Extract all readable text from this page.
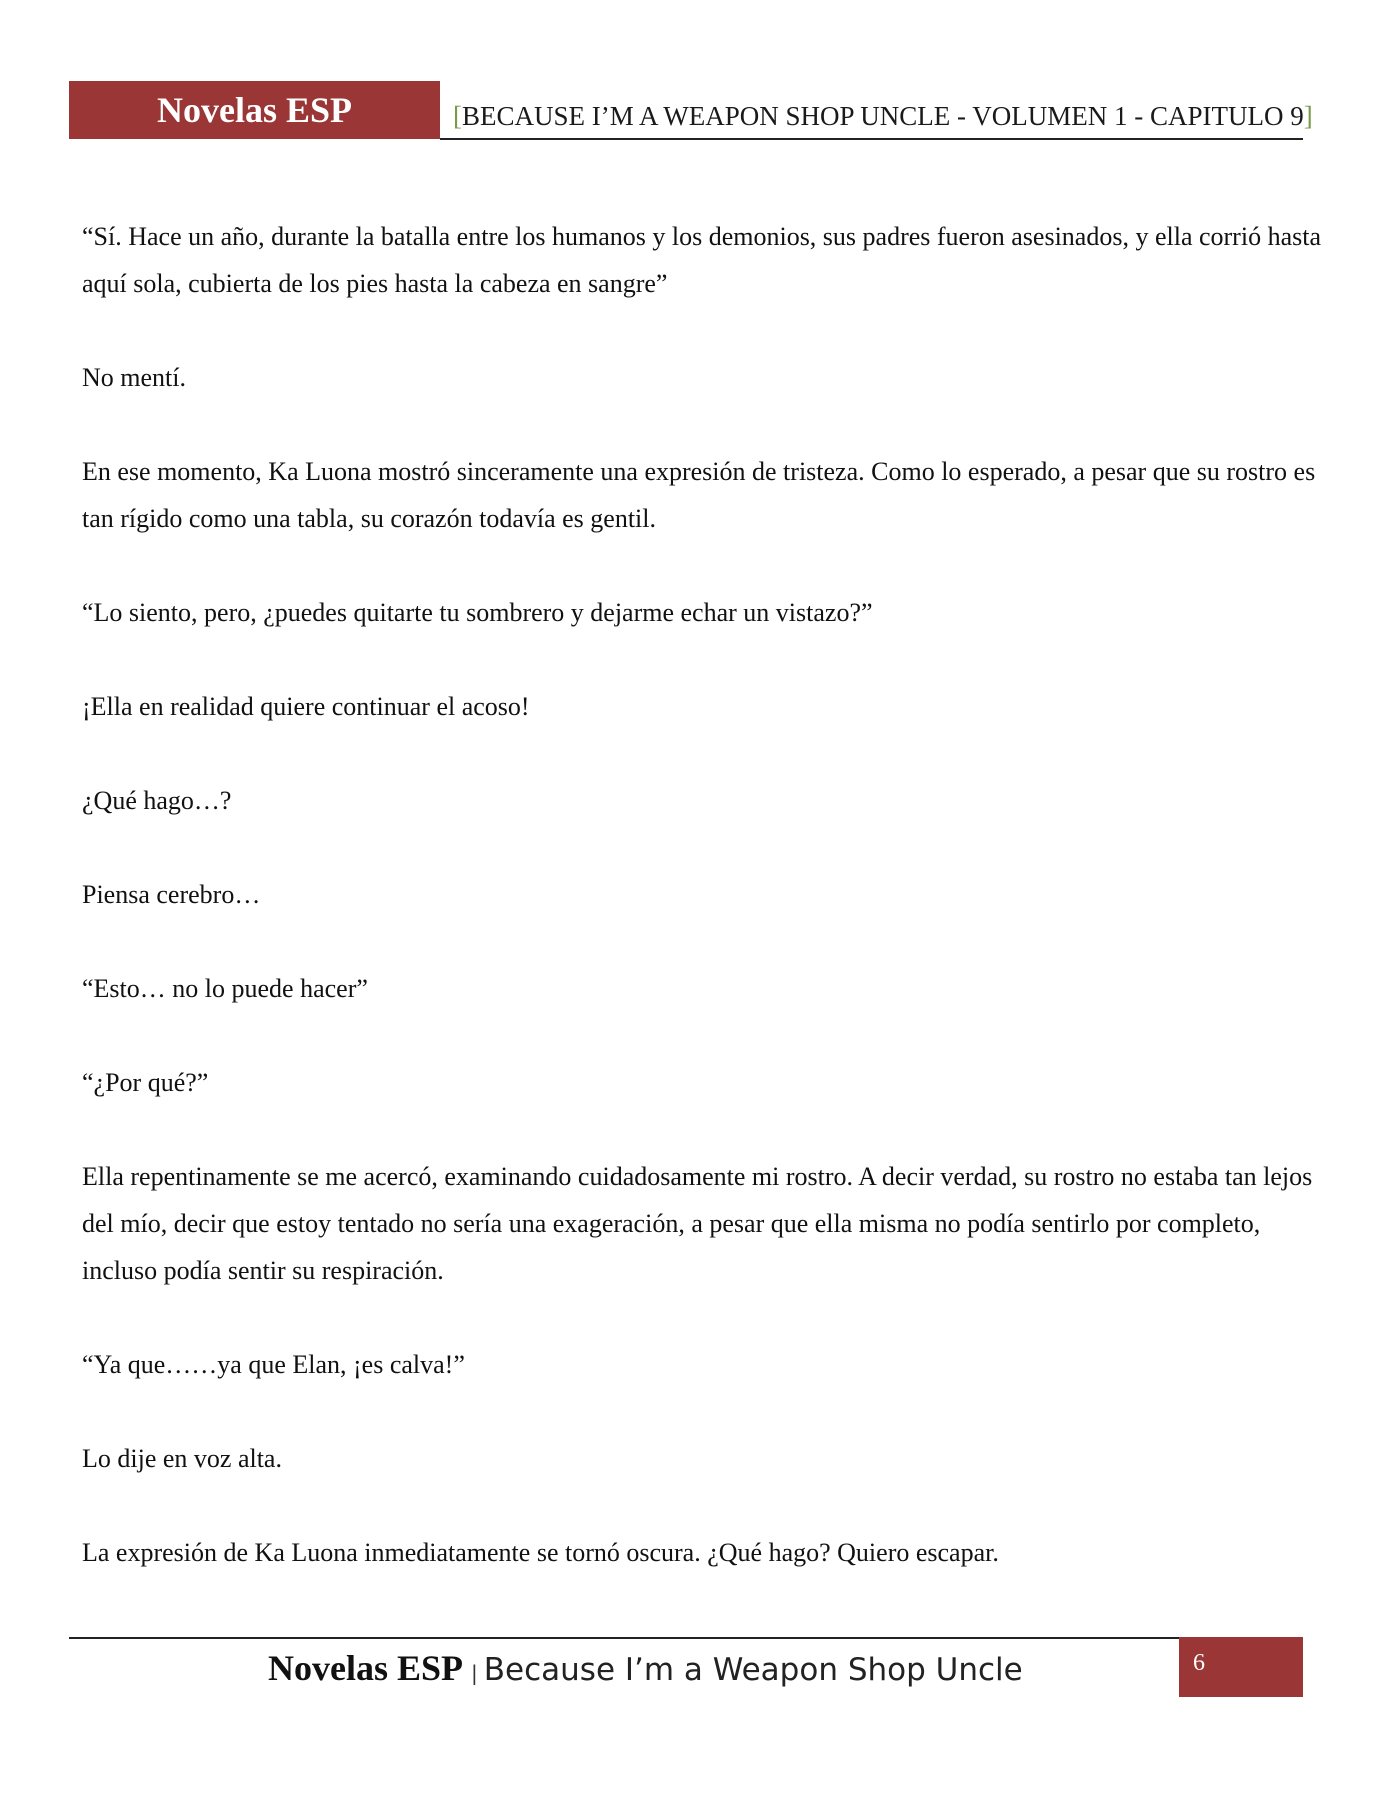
Novelas ESP	[BECAUSE I’M A WEAPON SHOP UNCLE - VOLUMEN 1 - CAPITULO 9]

“Sí. Hace un año, durante la batalla entre los humanos y los demonios, sus padres fueron asesinados, y ella corrió hasta aquí sola, cubierta de los pies hasta la cabeza en sangre”

No mentí.

En ese momento, Ka Luona mostró sinceramente una expresión de tristeza. Como lo esperado, a pesar que su rostro es tan rígido como una tabla, su corazón todavía es gentil.

“Lo siento, pero, ¿puedes quitarte tu sombrero y dejarme echar un vistazo?”

¡Ella en realidad quiere continuar el acoso!

¿Qué hago…?

Piensa cerebro…

“Esto… no lo puede hacer”

“¿Por qué?”

Ella repentinamente se me acercó, examinando cuidadosamente mi rostro. A decir verdad, su rostro no estaba tan lejos del mío, decir que estoy tentado no sería una exageración, a pesar que ella misma no podía sentirlo por completo, incluso podía sentir su respiración.

“Ya que……ya que Elan, ¡es calva!”

Lo dije en voz alta.

La expresión de Ka Luona inmediatamente se tornó oscura. ¿Qué hago? Quiero escapar.

Novelas ESP | Because I’m a Weapon Shop Uncle	6
